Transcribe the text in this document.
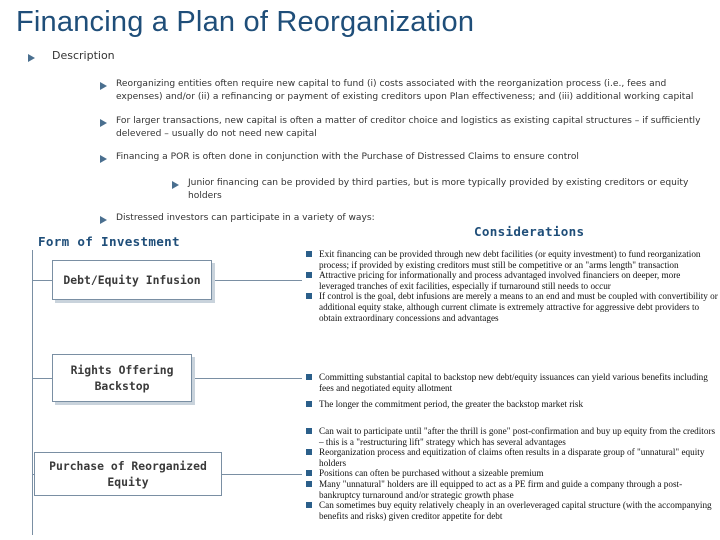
Financing a Plan of Reorganization
Description
Reorganizing entities often require new capital to fund (i) costs associated with the reorganization process (i.e., fees and expenses) and/or (ii) a refinancing or payment of existing creditors upon Plan effectiveness; and (iii) additional working capital
For larger transactions, new capital is often a matter of creditor choice and logistics as existing capital structures – if sufficiently delevered – usually do not need new capital
Financing a POR is often done in conjunction with the Purchase of Distressed Claims to ensure control
Junior financing can be provided by third parties, but is more typically provided by existing creditors or equity holders
Distressed investors can participate in a variety of ways:
Form of Investment
Considerations
Debt/Equity Infusion
Rights Offering
Backstop
Purchase of Reorganized
Equity
Exit financing can be provided through new debt facilities (or equity investment) to fund reorganization process; if provided by existing creditors must still be competitive or an "arms length" transaction
Attractive pricing for informationally and process advantaged involved financiers on deeper, more leveraged tranches of exit facilities, especially if turnaround still needs to occur
If control is the goal, debt infusions are merely a means to an end and must be coupled with convertibility or additional equity stake, although current climate is extremely attractive for aggressive debt providers to obtain extraordinary concessions and advantages
Committing substantial capital to backstop new debt/equity issuances can yield various benefits including fees and negotiated equity allotment
The longer the commitment period, the greater the backstop market risk
Can wait to participate until "after the thrill is gone" post-confirmation and buy up equity from the creditors – this is a "restructuring lift" strategy which has several advantages
Reorganization process and equitization of claims often results in a disparate group of "unnatural" equity holders
Positions can often be purchased without a sizeable premium
Many "unnatural" holders are ill equipped to act as a PE firm and guide a company through a post-bankruptcy turnaround and/or strategic growth phase
Can sometimes buy equity relatively cheaply in an overleveraged capital structure (with the accompanying benefits and risks) given creditor appetite for debt
